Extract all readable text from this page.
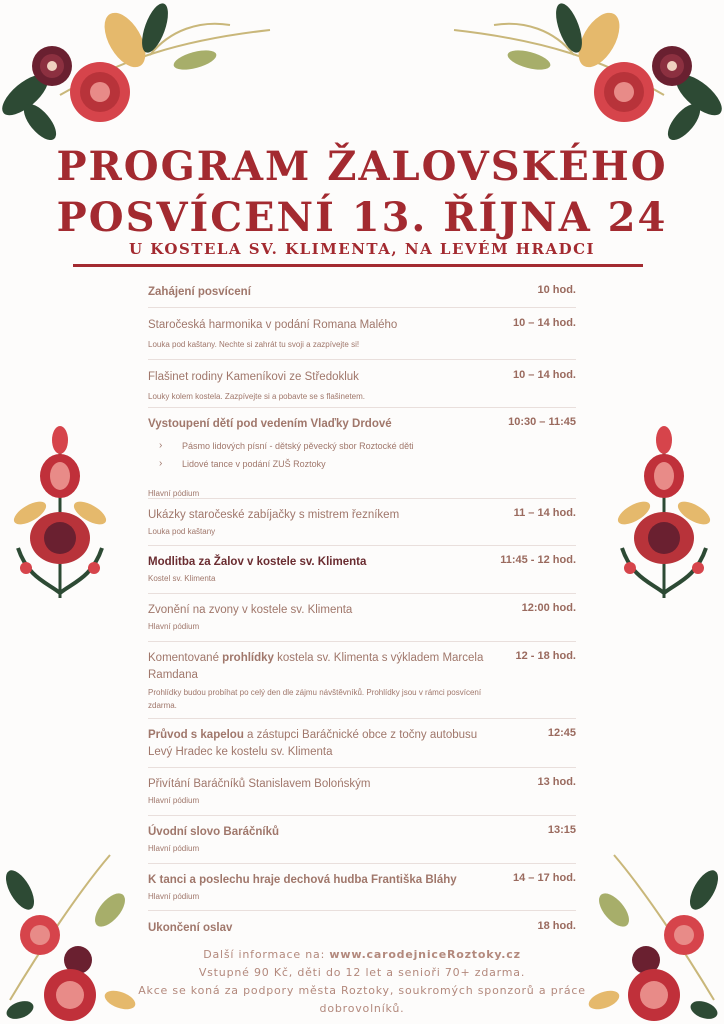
PROGRAM ŽALOVSKÉHO
POSVÍCENÍ 13. ŘÍJNA 24
U KOSTELA SV. KLIMENTA, NA LEVÉM HRADCI
10 hod.
Zahájení posvícení
10 – 14 hod.
Staročeská harmonika v podání Romana Malého
Louka pod kaštany. Nechte si zahrát tu svoji a zazpívejte si!
10 – 14 hod.
Flašinet rodiny Kameníkovi ze Středokluk
Louky kolem kostela. Zazpívejte si a pobavte se s flašinetem.
10:30 – 11:45
Vystoupení dětí pod vedením Vlaďky Drdové
› Pásmo lidových písní - dětský pěvecký sbor Roztocké děti
› Lidové tance v podání ZUŠ Roztoky
Hlavní pódium
11 – 14 hod.
Ukázky staročeské zabíjačky s mistrem řezníkem
Louka pod kaštany
11:45 - 12 hod.
Modlitba za Žalov v kostele sv. Klimenta
Kostel sv. Klimenta
12:00 hod.
Zvonění na zvony v kostele sv. Klimenta
Hlavní pódium
12 - 18 hod.
Komentované prohlídky kostela sv. Klimenta s výkladem Marcela Ramdana
Prohlídky budou probíhat po celý den dle zájmu návštěvníků. Prohlídky jsou v rámci posvícení zdarma.
12:45
Průvod s kapelou a zástupci Baráčnické obce z točny autobusu Levý Hradec ke kostelu sv. Klimenta
13 hod.
Přivítání Baráčníků Stanislavem Bolońským
Hlavní pódium
13:15
Úvodní slovo Baráčníků
Hlavní pódium
14 – 17 hod.
K tanci a poslechu hraje dechová hudba Františka Bláhy
Hlavní pódium
18 hod.
Ukončení oslav
Další informace na: www.carodejniceRoztoky.cz
Vstupné 90 Kč, děti do 12 let a senioři 70+ zdarma.
Akce se koná za podpory města Roztoky, soukromých sponzorů a práce dobrovolníků.
